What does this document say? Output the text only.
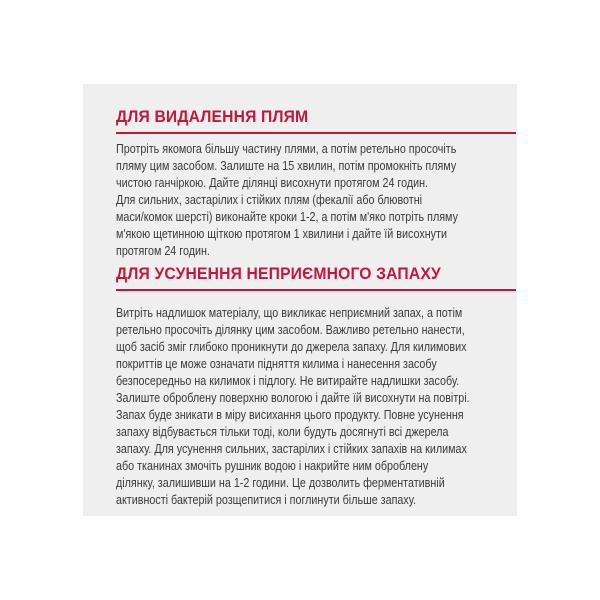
ДЛЯ ВИДАЛЕННЯ ПЛЯМ
Протріть якомога більшу частину плями, а потім ретельно просочіть
пляму цим засобом. Залиште на 15 хвилин, потім промокніть пляму
чистою ганчіркою. Дайте ділянці висохнути протягом 24 годин.
Для сильних, застарілих і стійких плям (фекалії або блювотні
маси/комок шерсті) виконайте кроки 1-2, а потім м'яко потріть пляму
м'якою щетинною щіткою протягом 1 хвилини і дайте їй висохнути
протягом 24 годин.
ДЛЯ УСУНЕННЯ НЕПРИЄМНОГО ЗАПАХУ
Витріть надлишок матеріалу, що викликає неприємний запах, а потім
ретельно просочіть ділянку цим засобом. Важливо ретельно нанести,
щоб засіб зміг глибоко проникнути до джерела запаху. Для килимових
покриттів це може означати підняття килима і нанесення засобу
безпосередньо на килимок і підлогу. Не витирайте надлишки засобу.
Залиште оброблену поверхню вологою і дайте їй висохнути на повітрі.
Запах буде зникати в міру висихання цього продукту. Повне усунення
запаху відбувається тільки тоді, коли будуть досягнуті всі джерела
запаху. Для усунення сильних, застарілих і стійких запахів на килимах
або тканинах змочіть рушник водою і накрийте ним оброблену
ділянку, залишивши на 1-2 години. Це дозволить ферментативній
активності бактерій розщепитися і поглинути більше запаху.
